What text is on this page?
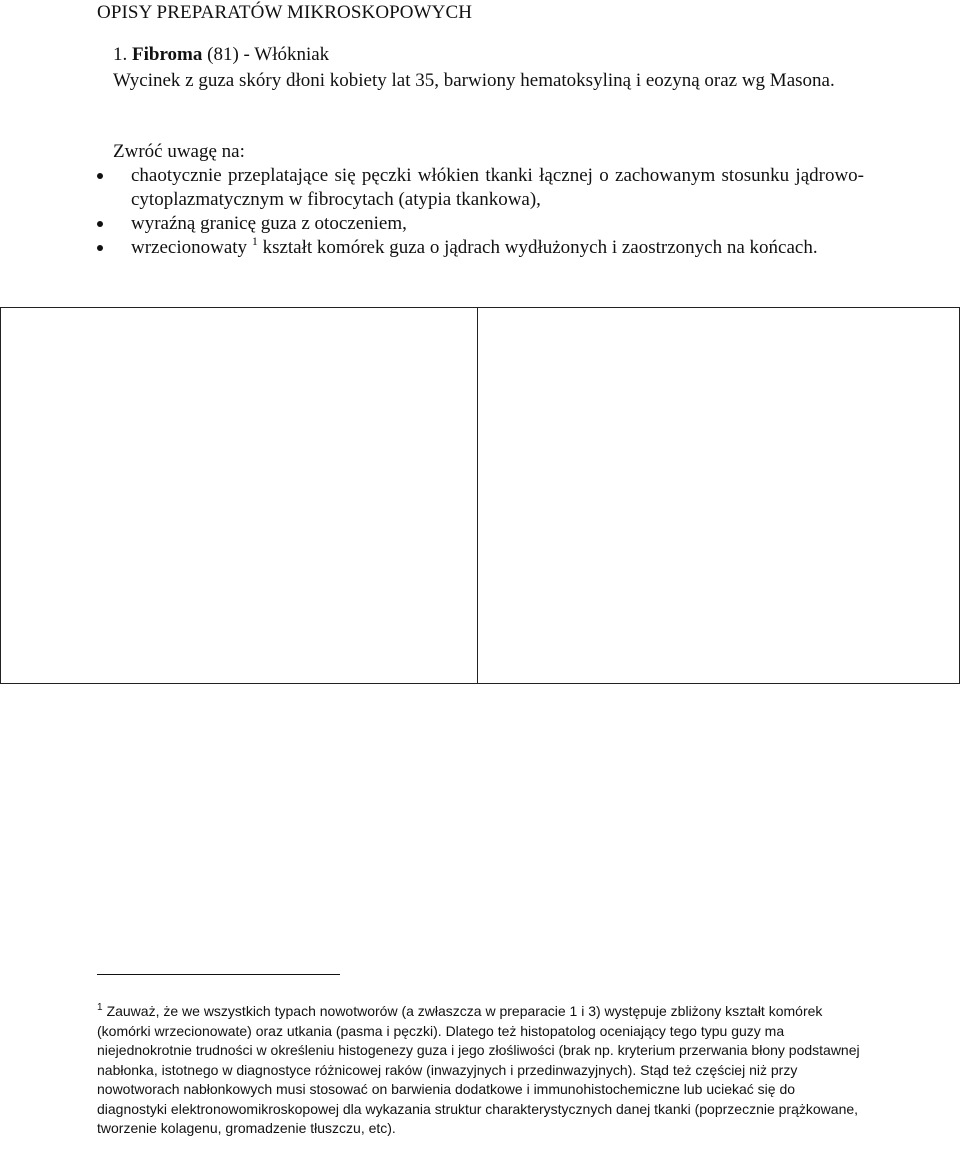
OPISY PREPARATÓW MIKROSKOPOWYCH
1. Fibroma (81) - Włókniak
Wycinek z guza skóry dłoni kobiety lat 35, barwiony hematoksyliną i eozyną oraz wg Masona.
Zwróć uwagę na:
chaotycznie przeplatające się pęczki włókien tkanki łącznej o zachowanym stosunku jądrowo-cytoplazmatycznym w fibrocytach (atypia tkankowa),
wyraźną granicę guza z otoczeniem,
wrzecionowaty $^1$ kształt komórek guza o jądrach wydłużonych i zaostrzonych na końcach.

$^1$ Zauważ, że we wszystkich typach nowotworów (a zwłaszcza w preparacie 1 i 3) występuje zbliżony kształt komórek (komórki wrzecionowate) oraz utkania (pasma i pęczki). Dlatego też histopatolog oceniający tego typu guzy ma niejednokrotnie trudności w określeniu histogenezy guza i jego złośliwości (brak np. kryterium przerwania błony podstawnej nabłonka, istotnego w diagnostyce różnicowej raków (inwazyjnych i przedinwazyjnych). Stąd też częściej niż przy nowotworach nabłonkowych musi stosować on barwienia dodatkowe i immunohistochemiczne lub uciekać się do diagnostyki elektronowomikroskopowej dla wykazania struktur charakterystycznych danej tkanki (poprzecznie prążkowane, tworzenie kolagenu, gromadzenie tłuszczu, etc).
